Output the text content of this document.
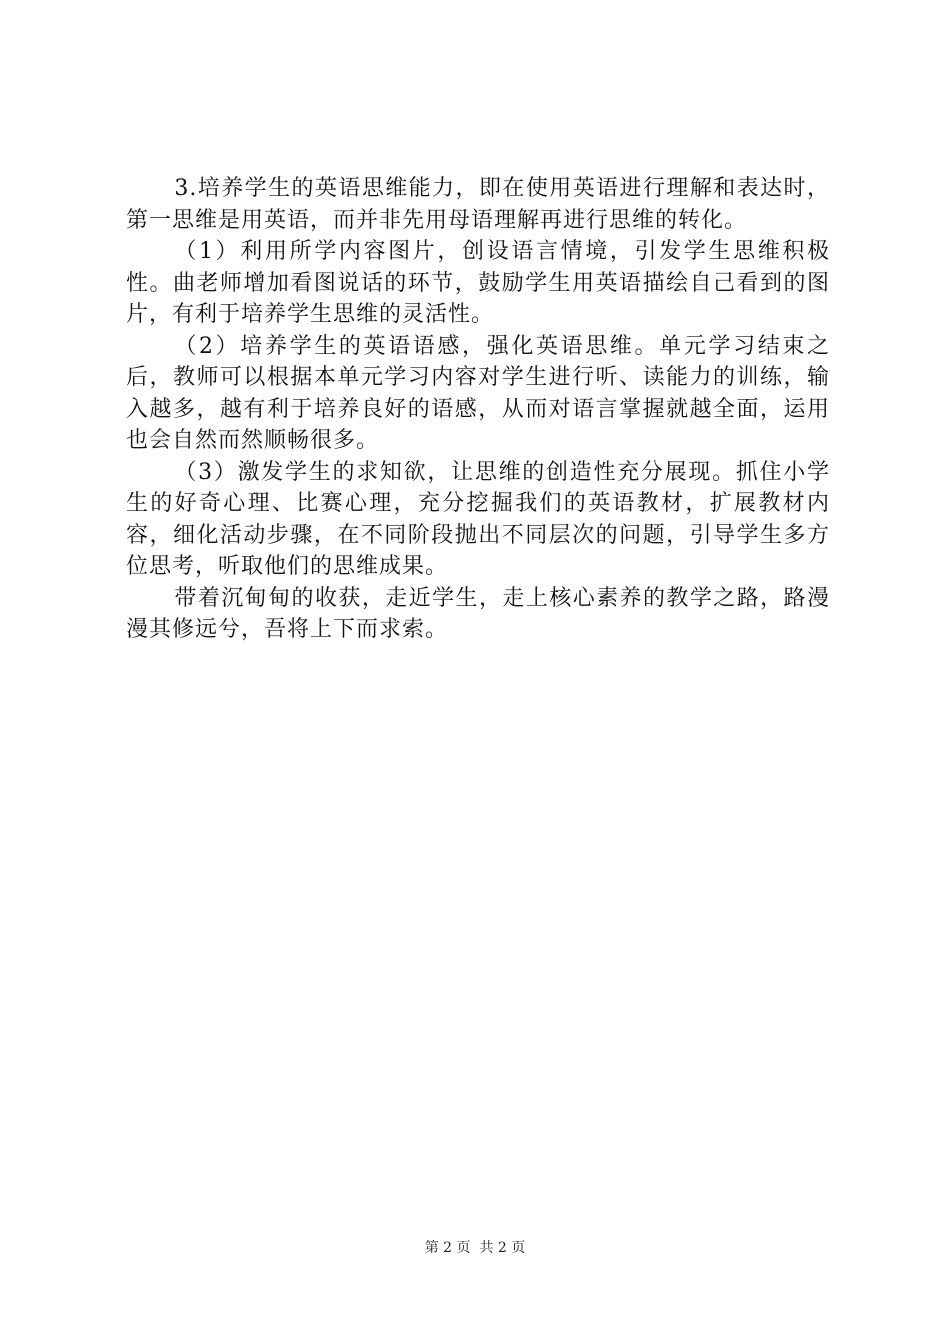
3.培养学生的英语思维能力，即在使用英语进行理解和表达时，第一思维是用英语，而并非先用母语理解再进行思维的转化。

（1）利用所学内容图片，创设语言情境，引发学生思维积极性。曲老师增加看图说话的环节，鼓励学生用英语描绘自己看到的图片，有利于培养学生思维的灵活性。

（2）培养学生的英语语感，强化英语思维。单元学习结束之后，教师可以根据本单元学习内容对学生进行听、读能力的训练，输入越多，越有利于培养良好的语感，从而对语言掌握就越全面，运用也会自然而然顺畅很多。

（3）激发学生的求知欲，让思维的创造性充分展现。抓住小学生的好奇心理、比赛心理，充分挖掘我们的英语教材，扩展教材内容，细化活动步骤，在不同阶段抛出不同层次的问题，引导学生多方位思考，听取他们的思维成果。

带着沉甸甸的收获，走近学生，走上核心素养的教学之路，路漫漫其修远兮，吾将上下而求索。

第 2 页  共 2 页
